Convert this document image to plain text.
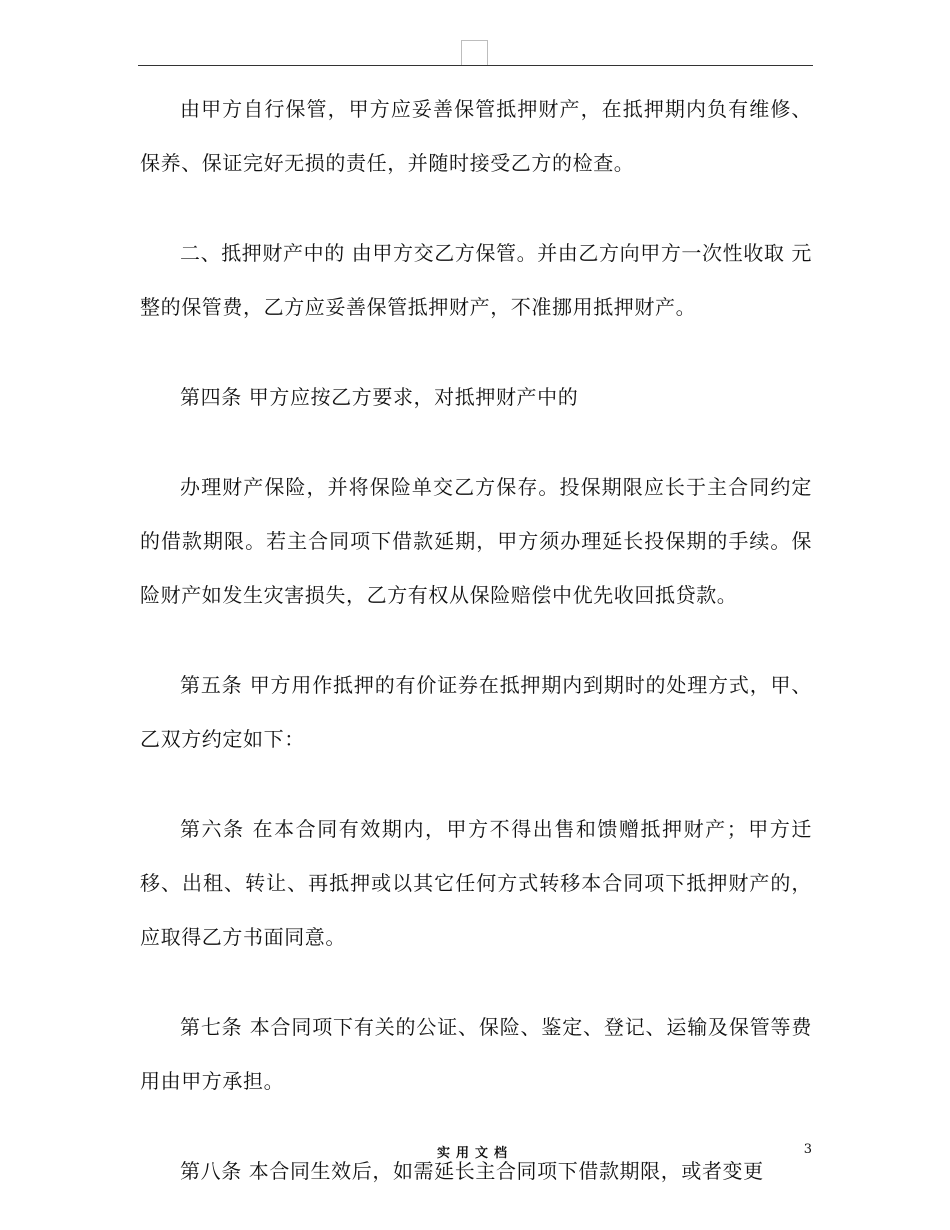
由甲方自行保管，甲方应妥善保管抵押财产，在抵押期内负有维修、保养、保证完好无损的责任，并随时接受乙方的检查。

二、抵押财产中的 由甲方交乙方保管。并由乙方向甲方一次性收取 元整的保管费，乙方应妥善保管抵押财产，不准挪用抵押财产。

第四条 甲方应按乙方要求，对抵押财产中的

办理财产保险，并将保险单交乙方保存。投保期限应长于主合同约定的借款期限。若主合同项下借款延期，甲方须办理延长投保期的手续。保险财产如发生灾害损失，乙方有权从保险赔偿中优先收回抵贷款。

第五条 甲方用作抵押的有价证券在抵押期内到期时的处理方式，甲、乙双方约定如下：

第六条 在本合同有效期内，甲方不得出售和馈赠抵押财产；甲方迁移、出租、转让、再抵押或以其它任何方式转移本合同项下抵押财产的，应取得乙方书面同意。

第七条 本合同项下有关的公证、保险、鉴定、登记、运输及保管等费用由甲方承担。

第八条 本合同生效后，如需延长主合同项下借款期限，或者变更

实用文档	3
